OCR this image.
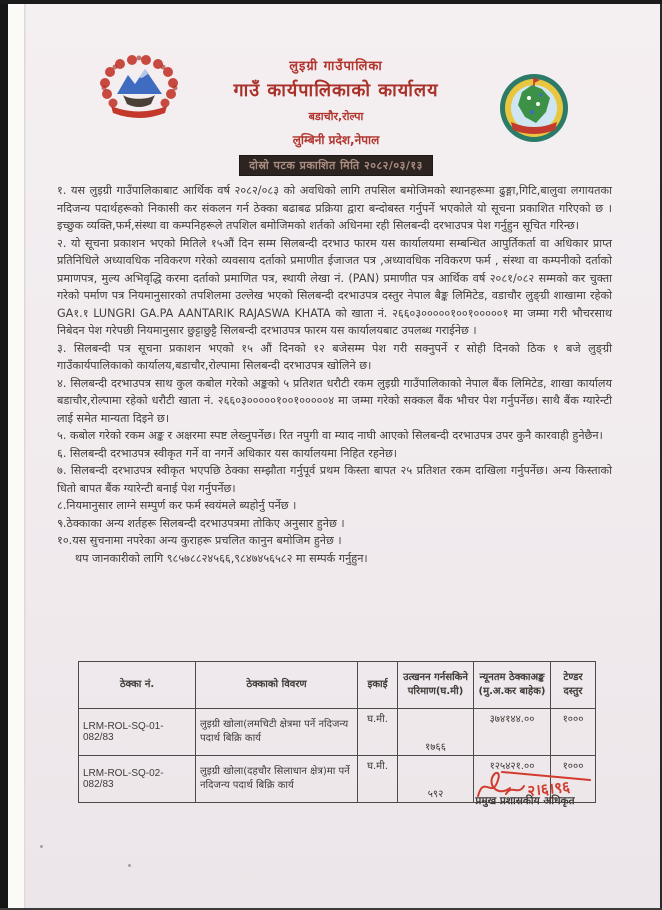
लुइग्री गाउँपालिका
गाउँ कार्यपालिकाको कार्यालय
बडाचौर,रोल्पा
लुम्बिनी प्रदेश,नेपाल
दोस्रो पटक प्रकाशित मिति २०८२/०३/१३

१. यस लुइग्री गाउँपालिकाबाट आर्थिक वर्ष २०८२/०८३ को अवधिको लागि तपसिल बमोजिमको स्थानहरूमा ढुङ्गा,गिटि,बालुवा लगायतका नदिजन्य पदार्थहरूको निकासी कर संकलन गर्न ठेक्का बढाबढ प्रक्रिया द्वारा बन्दोबस्त गर्नुपर्ने भएकोले यो सूचना प्रकाशित गरिएको छ । इच्छुक व्यक्ति,फर्म,संस्था वा कम्पनिहरूले तपशिल बमोजिमको शर्तको अधिनमा रही सिलबन्दी दरभाउपत्र पेश गर्नुहुन सूचित गरिन्छ।

२. यो सूचना प्रकाशन भएको मितिले १५औं दिन सम्म सिलबन्दी दरभाउ फारम यस कार्यालयमा सम्बन्धित आपुर्तिकर्ता वा अधिकार प्राप्त प्रतिनिधिले अध्यावधिक नविकरण गरेको व्यवसाय दर्ताको प्रमाणीत ईजाजत पत्र ,अध्यावधिक नविकरण फर्म , संस्था वा कम्पनीको दर्ताको प्रमाणपत्र, मुल्य अभिवृद्धि करमा दर्ताको प्रमाणित पत्र, स्थायी लेखा नं. (PAN) प्रमाणीत पत्र आर्थिक वर्ष २०८१/०८२ सम्मको कर चुक्ता गरेको पर्माण पत्र नियमानुसारको तपशिलमा उल्लेख भएको सिलबन्दी दरभाउपत्र दस्तुर नेपाल बैङ्क लिमिटेड, वडाचौर लुङ्ग्री शाखामा रहेको GA१.१ LUNGRI GA.PA AANTARIK RAJASWA KHATA को खाता नं. २६६०३०००००१००१०००००१ मा जम्मा गरी भौचरसाथ निबेदन पेश गरेपछी नियमानुसार छुट्टाछुट्टै सिलबन्दी दरभाउपत्र फारम यस कार्यालयबाट उपलब्ध गराईनेछ ।

३. सिलबन्दी पत्र सूचना प्रकाशन भएको १५ औं दिनको १२ बजेसम्म पेश गरी सक्नुपर्ने र सोही दिनको ठिक १ बजे लुङ्ग्री गाउँकार्यपालिकाको कार्यालय,बडाचौर,रोल्पामा सिलबन्दी दरभाउपत्र खोलिने छ।

४. सिलबन्दी दरभाउपत्र साथ कुल कबोल गरेको अङ्कको ५ प्रतिशत धरौटी रकम लुइग्री गाउँपालिकाको नेपाल बैंक लिमिटेड, शाखा कार्यालय बडाचौर,रोल्पामा रहेको धरौटी खाता नं. २६६०३०००००१००१०००००४ मा जम्मा गरेको सक्कल बैंक भौचर पेश गर्नुपर्नेछ। साथै बैंक ग्यारेन्टी लाई समेत मान्यता दिइने छ।

५. कबोल गरेको रकम अङ्क र अक्षरमा स्पष्ट लेख्नुपर्नेछ। रित नपुगी वा म्याद नाघी आएको सिलबन्दी दरभाउपत्र उपर कुनै कारवाही हुनेछैन।

६. सिलबन्दी दरभाउपत्र स्वीकृत गर्ने वा नगर्ने अधिकार यस कार्यालयमा निहित रहनेछ।

७. सिलबन्दी दरभाउपत्र स्वीकृत भएपछि ठेक्का सम्झौता गर्नुपूर्व प्रथम किस्ता बापत २५ प्रतिशत रकम दाखिला गर्नुपर्नेछ। अन्य किस्ताको धितो बापत बैंक ग्यारेन्टी बनाई पेश गर्नुपर्नेछ।

८.नियमानुसार लाग्ने सम्पुर्ण कर फर्म स्वयंमले ब्यहोर्नु पर्नेछ ।

९.ठेक्काका अन्य शर्तहरू सिलबन्दी दरभाउपत्रमा तोकिए अनुसार हुनेछ ।

१०.यस सुचनामा नपरेका अन्य कुराहरू प्रचलित कानुन बमोजिम हुनेछ ।

थप जानकारीको लागि ९८५७८८२४५६६,९८४७४५६५८२ मा सम्पर्क गर्नुहुन।

ठेक्का नं.	ठेक्काको विवरण	इकाई	उत्खनन गर्नसकिने परिमाण(घ.मी)	न्यूनतम ठेक्काअङ्क (मु.अ.कर बाहेक)	टेण्डर दस्तुर
LRM-ROL-SQ-01-082/83	लुइग्री खोला(लमचिटी क्षेत्रमा पर्ने नदिजन्य पदार्थ बिक्रि कार्य	घ.मी.	१७६६	३७४१४४.००	१०००
LRM-ROL-SQ-02-082/83	लुइग्री खोला(दहचौर सिलाधान क्षेत्र)मा पर्ने नदिजन्य पदार्थ बिक्रि कार्य	घ.मी.	५९२	१२५४२१.००	१०००
२।६।९६
प्रमुख प्रशासकीय अधिकृत
